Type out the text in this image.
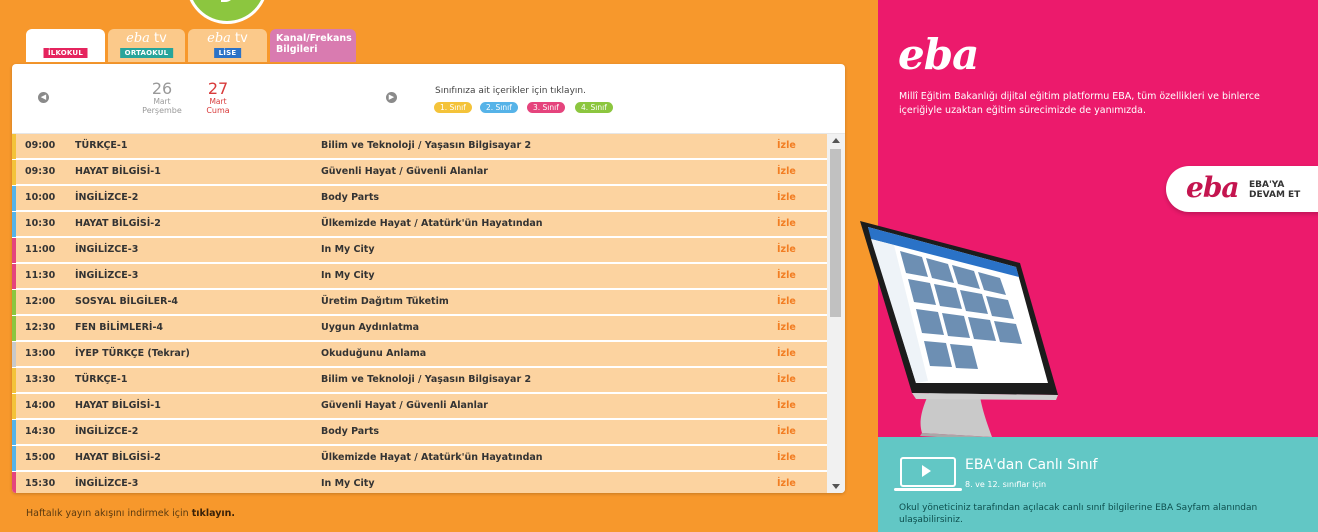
İLKOKUL
eba tv
ORTAOKUL
eba tv
LİSE
Kanal/Frekans Bilgileri
◀	26
Mart
Perşembe
27
Mart
Cuma
▶
Sınıfınıza ait içerikler için tıklayın.
1. Sınıf	2. Sınıf	3. Sınıf	4. Sınıf
09:00 TÜRKÇE-1	Bilim ve Teknoloji / Yaşasın Bilgisayar 2	İzle
09:30 HAYAT BİLGİSİ-1	Güvenli Hayat / Güvenli Alanlar	İzle
10:00 İNGİLİZCE-2	Body Parts	İzle
10:30 HAYAT BİLGİSİ-2	Ülkemizde Hayat / Atatürk'ün Hayatından	İzle
11:00 İNGİLİZCE-3	In My City	İzle
11:30 İNGİLİZCE-3	In My City	İzle
12:00 SOSYAL BİLGİLER-4	Üretim Dağıtım Tüketim	İzle
12:30 FEN BİLİMLERİ-4	Uygun Aydınlatma	İzle
13:00 İYEP TÜRKÇE (Tekrar)	Okuduğunu Anlama	İzle
13:30 TÜRKÇE-1	Bilim ve Teknoloji / Yaşasın Bilgisayar 2	İzle
14:00 HAYAT BİLGİSİ-1	Güvenli Hayat / Güvenli Alanlar	İzle
14:30 İNGİLİZCE-2	Body Parts	İzle
15:00 HAYAT BİLGİSİ-2	Ülkemizde Hayat / Atatürk'ün Hayatından	İzle
15:30 İNGİLİZCE-3	In My City	İzle
Haftalık yayın akışını indirmek için tıklayın.
eba
Millî Eğitim Bakanlığı dijital eğitim platformu EBA, tüm özellikleri ve binlerce içeriğiyle uzaktan eğitim sürecimizde de yanımızda.
eba EBA'YA
DEVAM ET
EBA'dan Canlı Sınıf
8. ve 12. sınıflar için
Okul yöneticiniz tarafından açılacak canlı sınıf bilgilerine EBA Sayfam alanından ulaşabilirsiniz.
